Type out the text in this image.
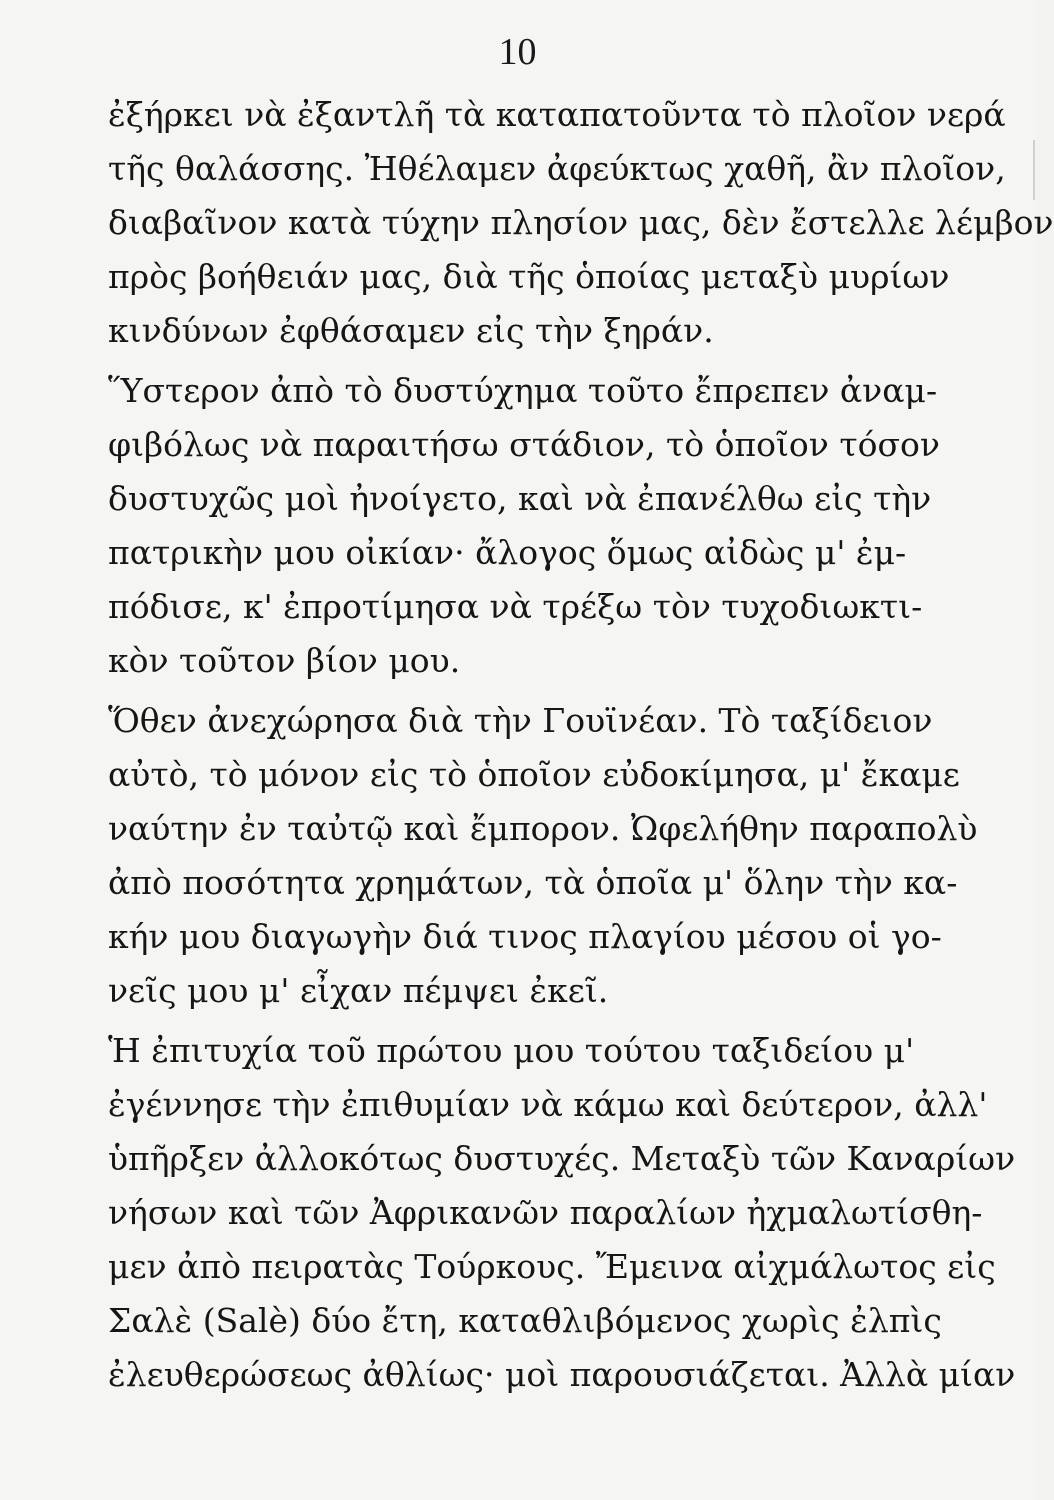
10
ἐξήρκει νὰ ἐξαντλῆ τὰ καταπατοῦντα τὸ πλοῖον νερά
τῆς θαλάσσης. Ἠθέλαμεν ἀφεύκτως χαθῆ, ἂν πλοῖον,
διαβαῖνον κατὰ τύχην πλησίον μας, δὲν ἔστελλε λέμβον
πρὸς βοήθειάν μας, διὰ τῆς ὁποίας μεταξὺ μυρίων
κινδύνων ἐφθάσαμεν εἰς τὴν ξηράν.
Ὕστερον ἀπὸ τὸ δυστύχημα τοῦτο ἔπρεπεν ἀναμ-
φιβόλως νὰ παραιτήσω στάδιον, τὸ ὁποῖον τόσον
δυστυχῶς μοὶ ἠνοίγετο, καὶ νὰ ἐπανέλθω εἰς τὴν
πατρικὴν μου οἰκίαν· ἄλογος ὅμως αἰδὼς μ' ἐμ-
πόδισε, κ' ἐπροτίμησα νὰ τρέξω τὸν τυχοδιωκτι-
κὸν τοῦτον βίον μου.
Ὅθεν ἀνεχώρησα διὰ τὴν Γουϊνέαν. Τὸ ταξίδειον
αὐτὸ, τὸ μόνον εἰς τὸ ὁποῖον εὐδοκίμησα, μ' ἔκαμε
ναύτην ἐν ταὐτῷ καὶ ἔμπορον. Ὠφελήθην παραπολὺ
ἀπὸ ποσότητα χρημάτων, τὰ ὁποῖα μ' ὅλην τὴν κα-
κήν μου διαγωγὴν διά τινος πλαγίου μέσου οἱ γο-
νεῖς μου μ' εἶχαν πέμψει ἐκεῖ.
Ἡ ἐπιτυχία τοῦ πρώτου μου τούτου ταξιδείου μ'
ἐγέννησε τὴν ἐπιθυμίαν νὰ κάμω καὶ δεύτερον, ἀλλ'
ὑπῆρξεν ἀλλοκότως δυστυχές. Μεταξὺ τῶν Καναρίων
νήσων καὶ τῶν Ἀφρικανῶν παραλίων ἠχμαλωτίσθη-
μεν ἀπὸ πειρατὰς Τούρκους. Ἔμεινα αἰχμάλωτος εἰς
Σαλὲ (Salè) δύο ἔτη, καταθλιβόμενος χωρὶς ἐλπὶς
ἐλευθερώσεως ἀθλίως· μοὶ παρουσιάζεται. Ἀλλὰ μίαν
